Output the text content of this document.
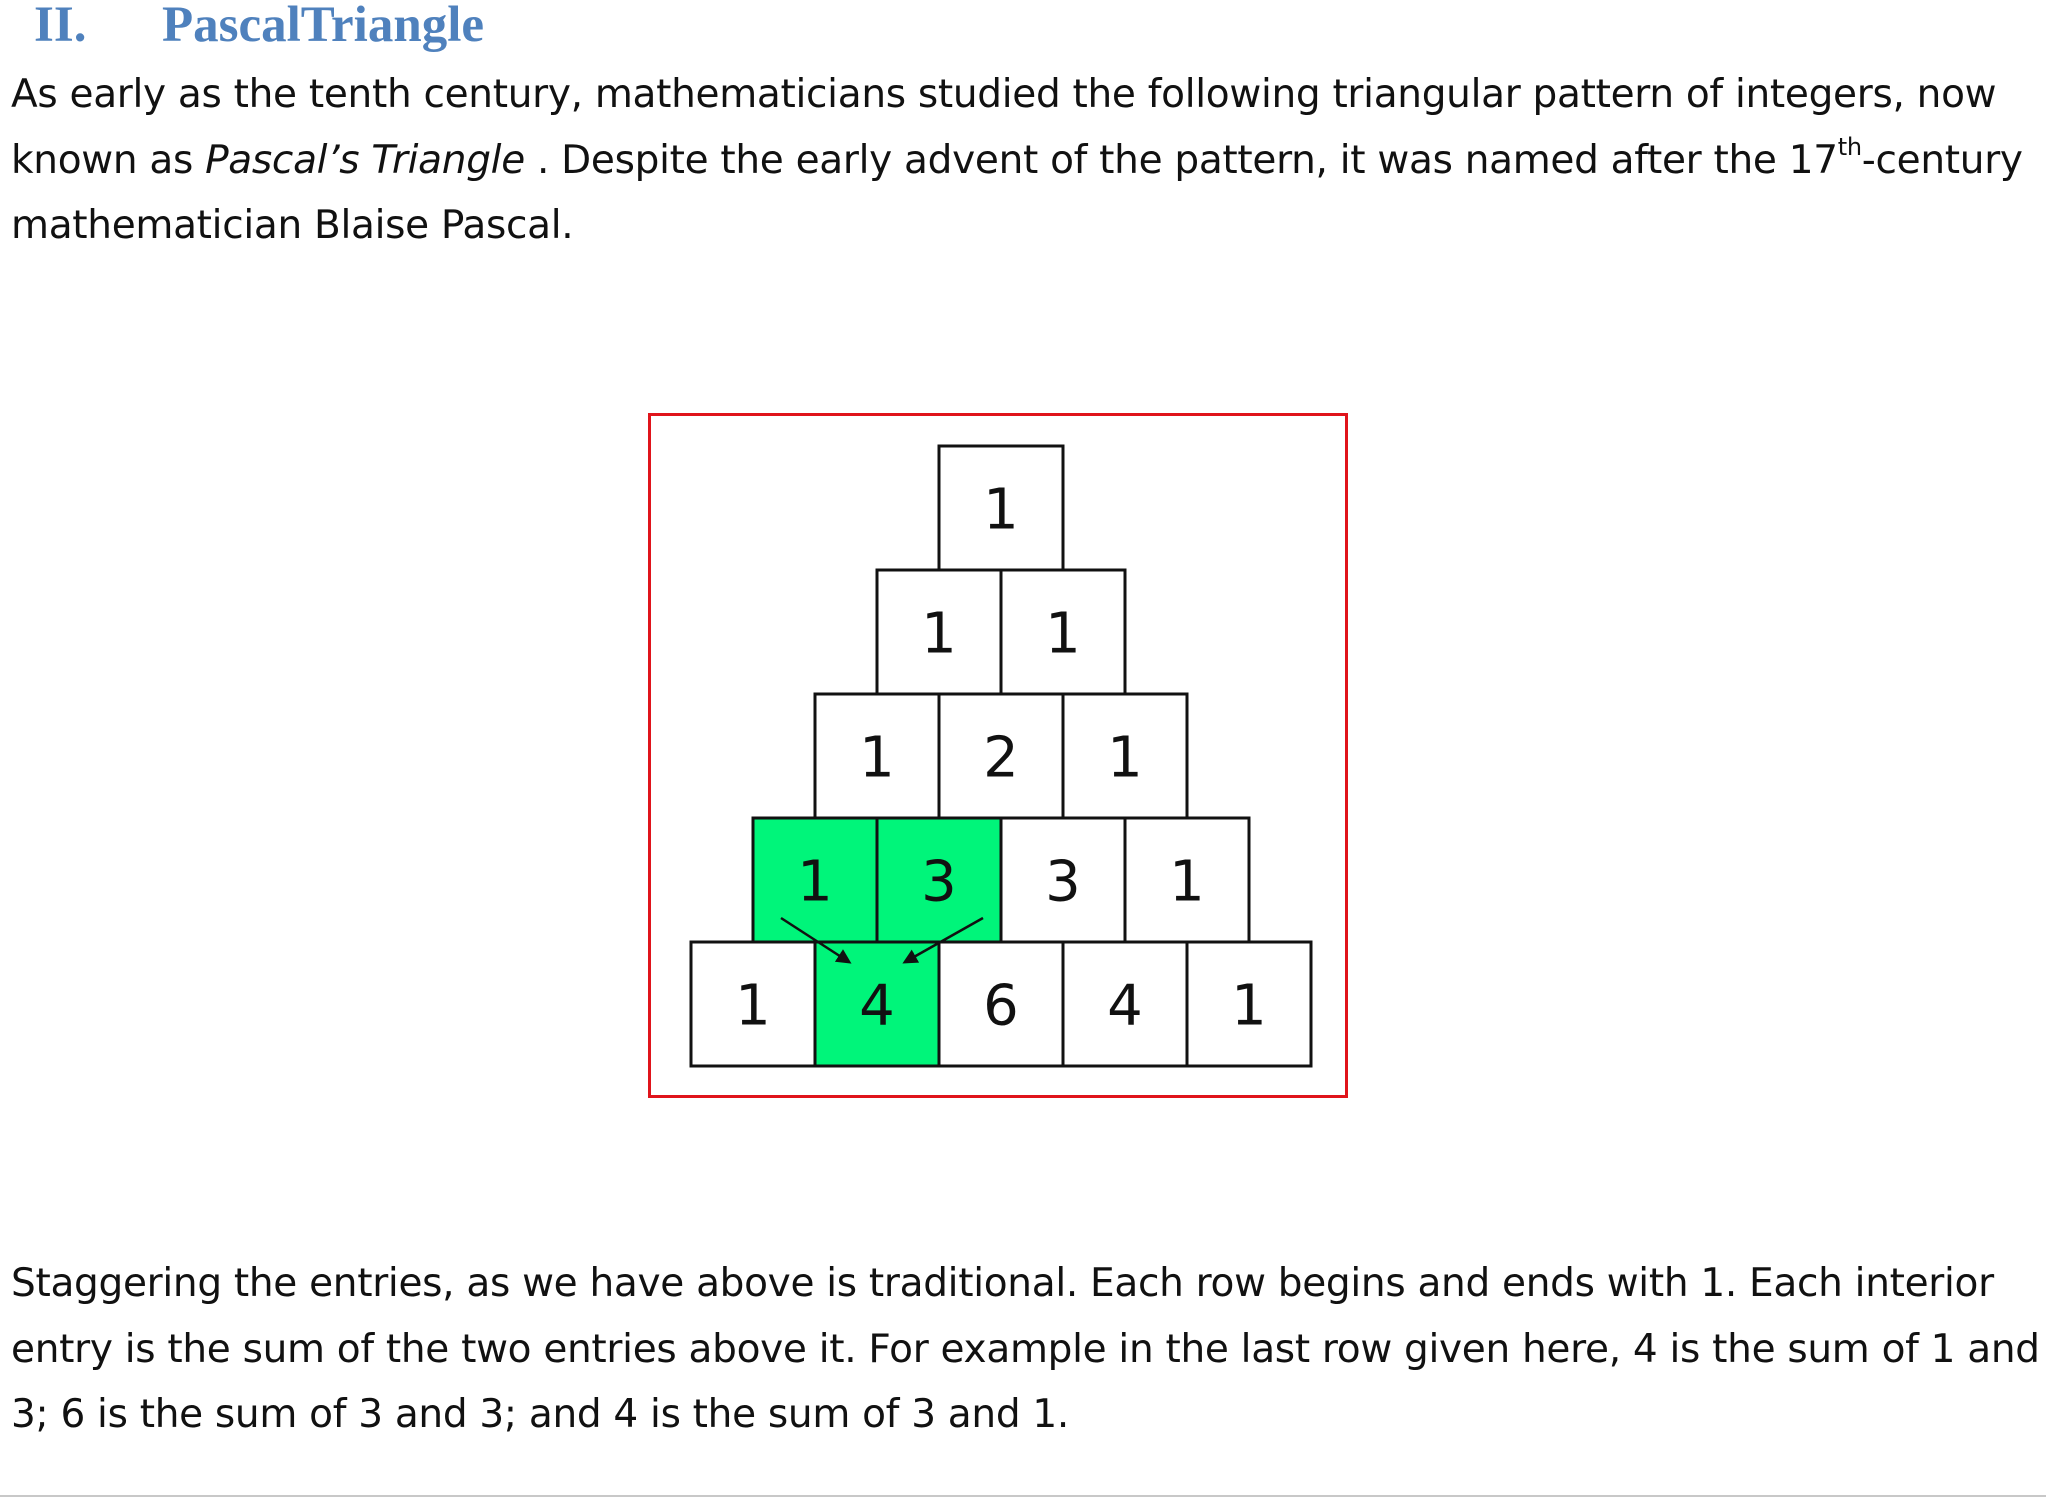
II. PascalTriangle
As early as the tenth century, mathematicians studied the following triangular pattern of integers, now
known as Pascal’s Triangle . Despite the early advent of the pattern, it was named after the 17th-century
mathematician Blaise Pascal.
1
1 1
1 2 1
1 3 3 1
1 4 6 4 1
Staggering the entries, as we have above is traditional. Each row begins and ends with 1. Each interior
entry is the sum of the two entries above it. For example in the last row given here, 4 is the sum of 1 and
3; 6 is the sum of 3 and 3; and 4 is the sum of 3 and 1.
